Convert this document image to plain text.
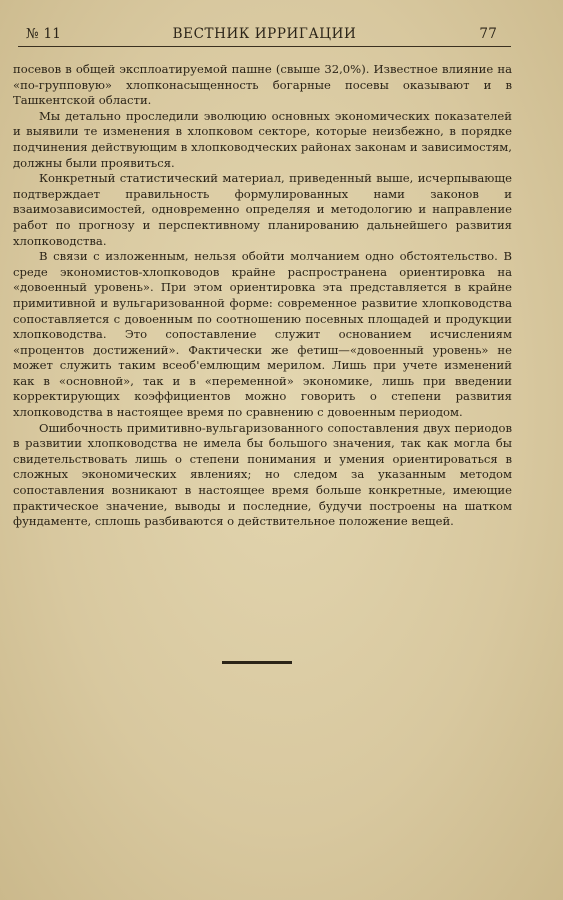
№ 11	ВЕСТНИК ИРРИГАЦИИ	77

посевов в общей эксплоатируемой пашне (свыше 32,0%). Известное влияние на «по-групповую» хлопконасыщенность богарные посевы оказывают и в Ташкентской области.

Мы детально проследили эволюцию основных экономических показателей и выявили те изменения в хлопковом секторе, которые неизбежно, в порядке подчинения действующим в хлопководческих районах законам и зависимостям, должны были проявиться.

Конкретный статистический материал, приведенный выше, исчерпывающе подтверждает правильность формулированных нами законов и взаимозависимостей, одновременно определяя и методологию и направление работ по прогнозу и перспективному планированию дальнейшего развития хлопководства.

В связи с изложенным, нельзя обойти молчанием одно обстоятельство. В среде экономистов-хлопководов крайне распространена ориентировка на «довоенный уровень». При этом ориентировка эта представляется в крайне примитивной и вульгаризованной форме: современное развитие хлопководства сопоставляется с довоенным по соотношению посевных площадей и продукции хлопководства. Это сопоставление служит основанием исчислениям «процентов достижений». Фактически же фетиш—«довоенный уровень» не может служить таким всеоб'емлющим мерилом. Лишь при учете изменений как в «основной», так и в «переменной» экономике, лишь при введении корректирующих коэффициентов можно говорить о степени развития хлопководства в настоящее время по сравнению с довоенным периодом.

Ошибочность примитивно-вульгаризованного сопоставления двух периодов в развитии хлопководства не имела бы большого значения, так как могла бы свидетельствовать лишь о степени понимания и умения ориентироваться в сложных экономических явлениях; но следом за указанным методом сопоставления возникают в настоящее время больше конкретные, имеющие практическое значение, выводы и последние, будучи построены на шатком фундаменте, сплошь разбиваются о действительное положение вещей.
